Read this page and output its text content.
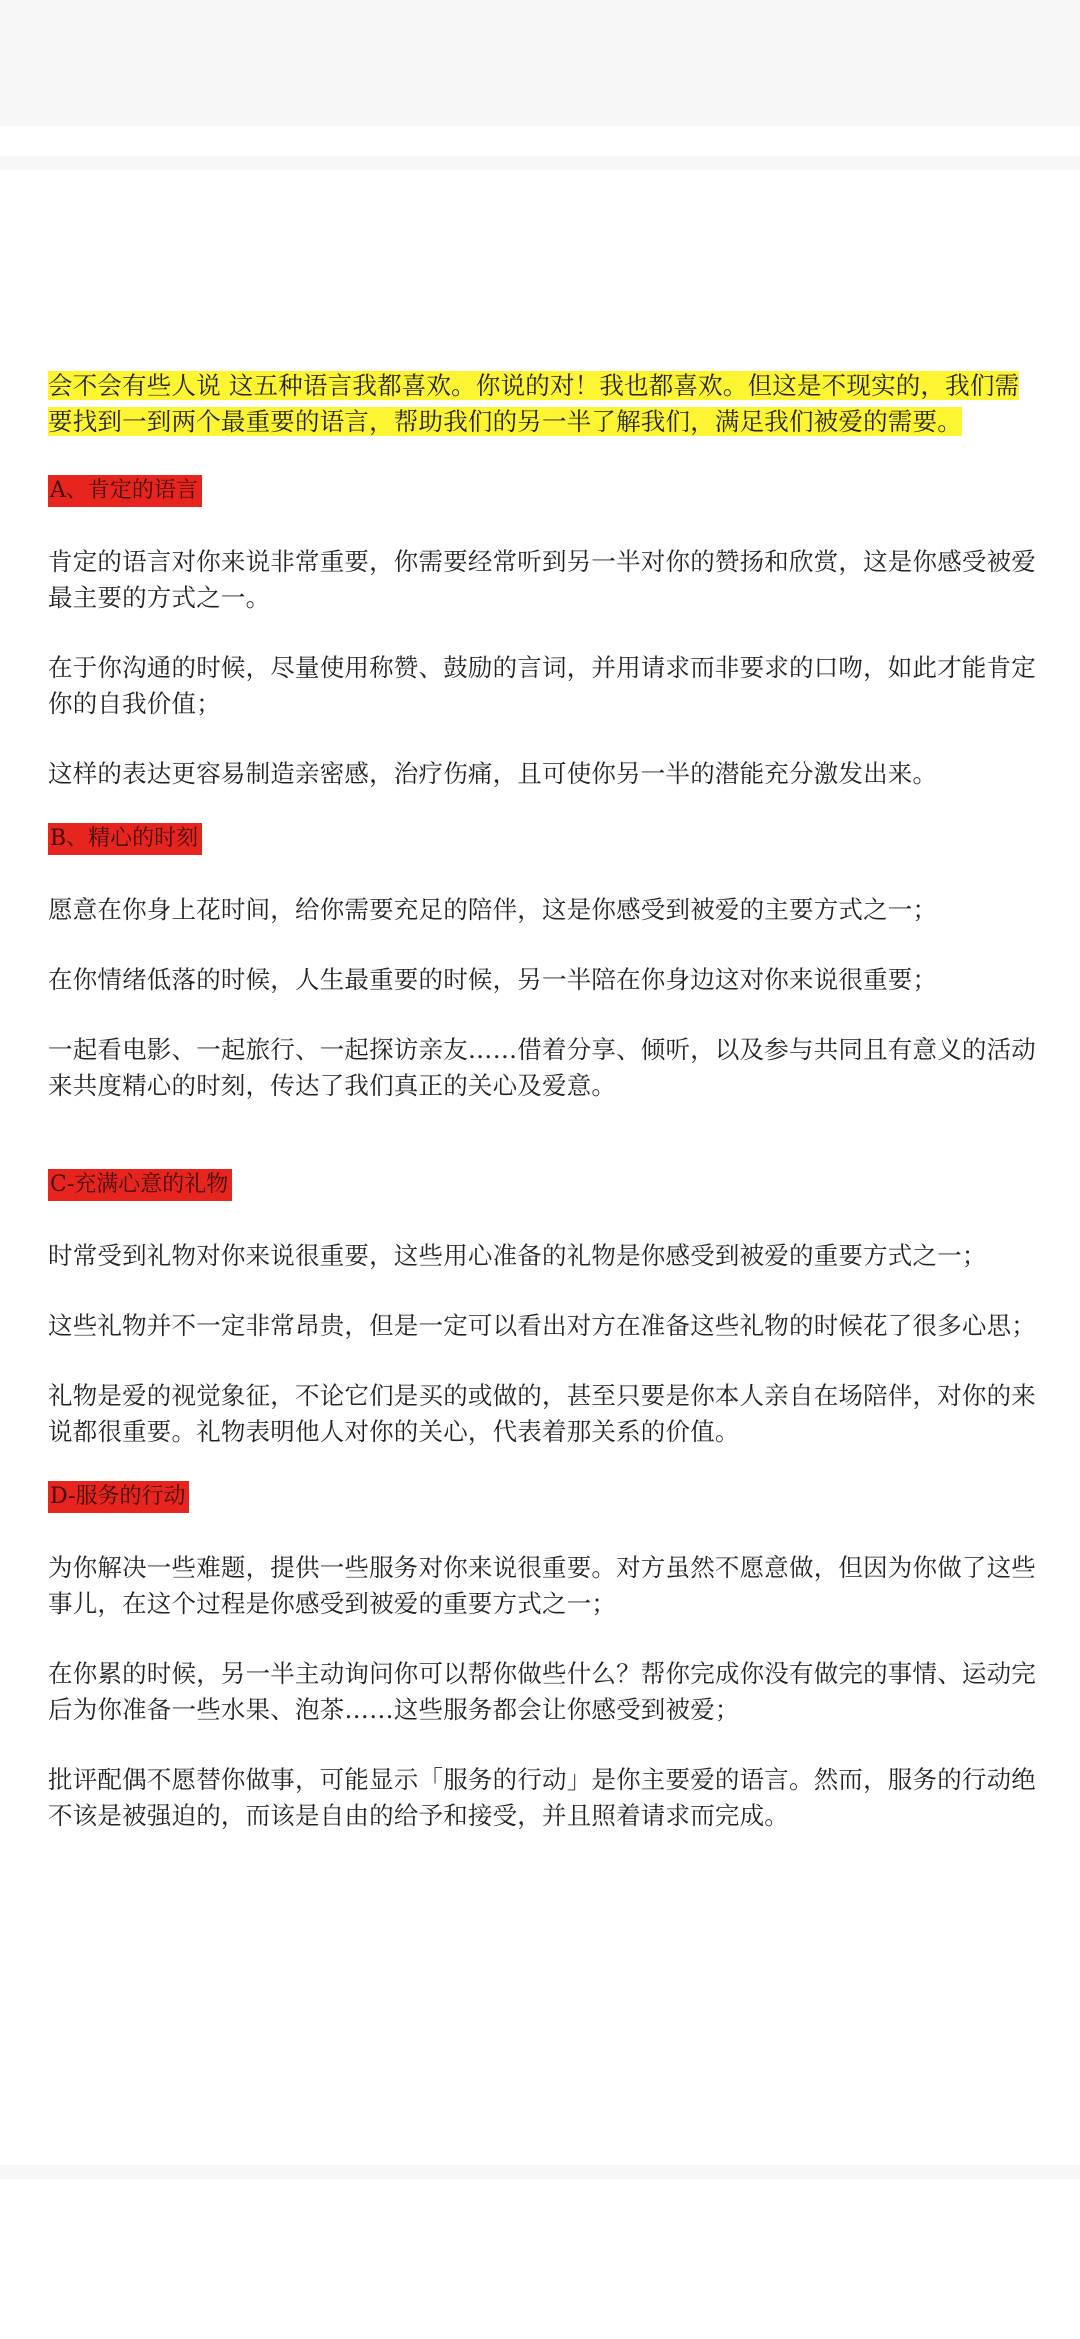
会不会有些人说 这五种语言我都喜欢。你说的对！我也都喜欢。但这是不现实的，我们需要找到一到两个最重要的语言，帮助我们的另一半了解我们，满足我们被爱的需要。

A、肯定的语言

肯定的语言对你来说非常重要，你需要经常听到另一半对你的赞扬和欣赏，这是你感受被爱最主要的方式之一。

在于你沟通的时候，尽量使用称赞、鼓励的言词，并用请求而非要求的口吻，如此才能肯定你的自我价值；

这样的表达更容易制造亲密感，治疗伤痛，且可使你另一半的潜能充分激发出来。

B、精心的时刻

愿意在你身上花时间，给你需要充足的陪伴，这是你感受到被爱的主要方式之一；

在你情绪低落的时候，人生最重要的时候，另一半陪在你身边这对你来说很重要；

一起看电影、一起旅行、一起探访亲友……借着分享、倾听，以及参与共同且有意义的活动来共度精心的时刻，传达了我们真正的关心及爱意。

C-充满心意的礼物

时常受到礼物对你来说很重要，这些用心准备的礼物是你感受到被爱的重要方式之一；

这些礼物并不一定非常昂贵，但是一定可以看出对方在准备这些礼物的时候花了很多心思；

礼物是爱的视觉象征，不论它们是买的或做的，甚至只要是你本人亲自在场陪伴，对你的来说都很重要。礼物表明他人对你的关心，代表着那关系的价值。

D-服务的行动

为你解决一些难题，提供一些服务对你来说很重要。对方虽然不愿意做，但因为你做了这些事儿，在这个过程是你感受到被爱的重要方式之一；

在你累的时候，另一半主动询问你可以帮你做些什么？帮你完成你没有做完的事情、运动完后为你准备一些水果、泡茶……这些服务都会让你感受到被爱；

批评配偶不愿替你做事，可能显示「服务的行动」是你主要爱的语言。然而，服务的行动绝不该是被强迫的，而该是自由的给予和接受，并且照着请求而完成。
